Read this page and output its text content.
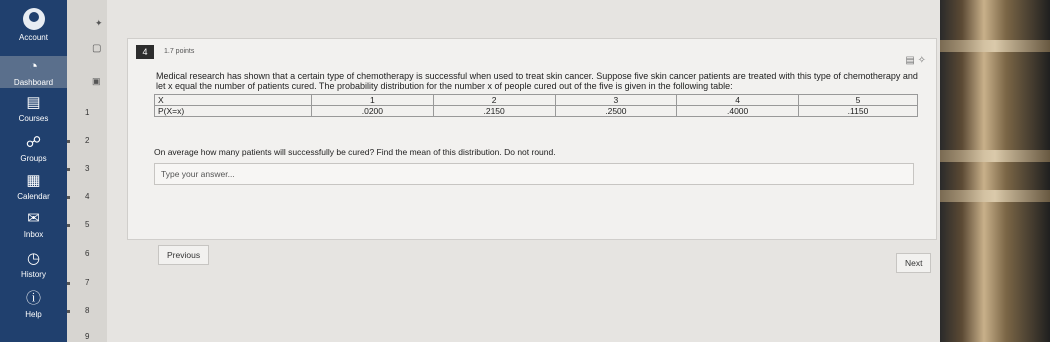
Account
◔
Dashboard
▤
Courses
☍
Groups
▦
Calendar
✉
Inbox
◷
History
ⓘ
Help
✦
▢
▣
1
2
3
4
5
6
7
8
9
4	1.7 points
▤ ✧
Medical research has shown that a certain type of chemotherapy is successful when used to treat skin cancer. Suppose five skin cancer patients are treated with this type of chemotherapy and let x equal the number of patients cured. The probability distribution for the number x of people cured out of the five is given in the following table:
X	1	2	3	4	5
P(X=x)	.0200	.2150	.2500	.4000	.1150
On average how many patients will successfully be cured? Find the mean of this distribution. Do not round.
Type your answer...
Previous
Next
